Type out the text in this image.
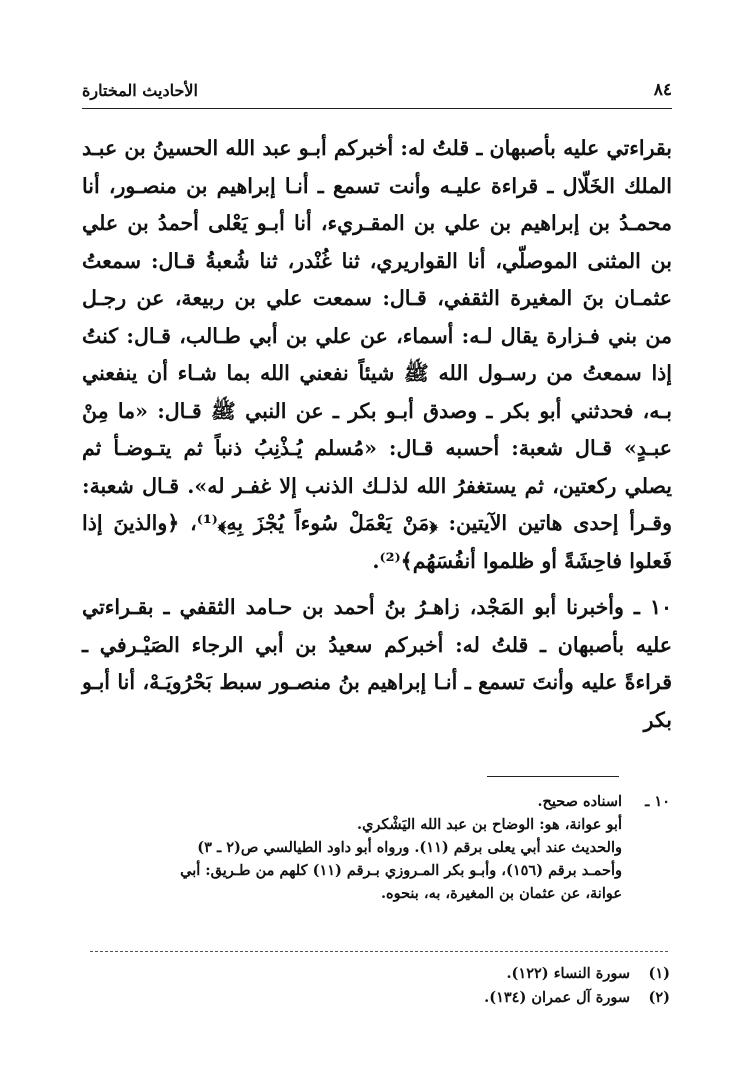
٨٤
الأحاديث المختارة

بقراءتي عليه بأصبهان ـ قلتُ له: أخبركم أبـو عبد الله الحسينُ بن عبـد الملك الخَلّال ـ قراءة عليـه وأنت تسمع ـ أنـا إبراهيم بن منصـور، أنا محمـدُ بن إبراهيم بن علي بن المقـريء، أنا أبـو يَعْلى أحمدُ بن علي بن المثنى الموصلّي، أنا القواريري، ثنا غُنْدر، ثنا شُعبةُ قـال: سمعتُ عثمـان بنَ المغيرة الثقفي، قـال: سمعت علي بن ربيعة، عن رجـل من بني فـزارة يقال لـه: أسماء، عن علي بن أبي طـالب، قـال: كنتُ إذا سمعتُ من رسـول الله ﷺ شيئاً نفعني الله بما شـاء أن ينفعني بـه، فحدثني أبو بكر ـ وصدق أبـو بكر ـ عن النبي ﷺ قـال: «ما مِنْ عبـدٍ» قـال شعبة: أحسبه قـال: «مُسلم يُـذْنِبُ ذنباً ثم يتـوضـأ ثم يصلي ركعتين، ثم يستغفرُ الله لذلـك الذنب إلا غفـر له». قـال شعبة: وقـرأ إحدى هاتين الآيتين: ﴿مَنْ يَعْمَلْ سُوءاً يُجْزَ بِهِ﴾⁽¹⁾، ﴿والذينَ إذا فَعلوا فاحِشَةً أو ظلموا أنفُسَهُم﴾⁽²⁾.

١٠ ـ وأخبرنا أبو المَجْد، زاهـرُ بنُ أحمد بن حـامد الثقفي ـ بقـراءتي عليه بأصبهان ـ قلتُ له: أخبركم سعيدُ بن أبي الرجاء الصَيْـرفي ـ قراءةً عليه وأنتَ تسمع ـ أنـا إبراهيم بنُ منصـور سبط بَحْرُويَـهْ، أنا أبـو بكر

١٠ ـاسناده صحيح.

أبو عوانة، هو: الوضاح بن عبد الله اليَشْكري.

والحديث عند أبي يعلى برقم (١١). ورواه أبو داود الطيالسي ص(٢ ـ ٣)

وأحمـد برقم (١٥٦)، وأبـو بكر المـروزي بـرقم (١١) كلهم من طـريق: أبي

عوانة، عن عثمان بن المغيرة، به، بنحوه.

(١)سورة النساء (١٢٢).

(٢)سورة آل عمران (١٣٤).
